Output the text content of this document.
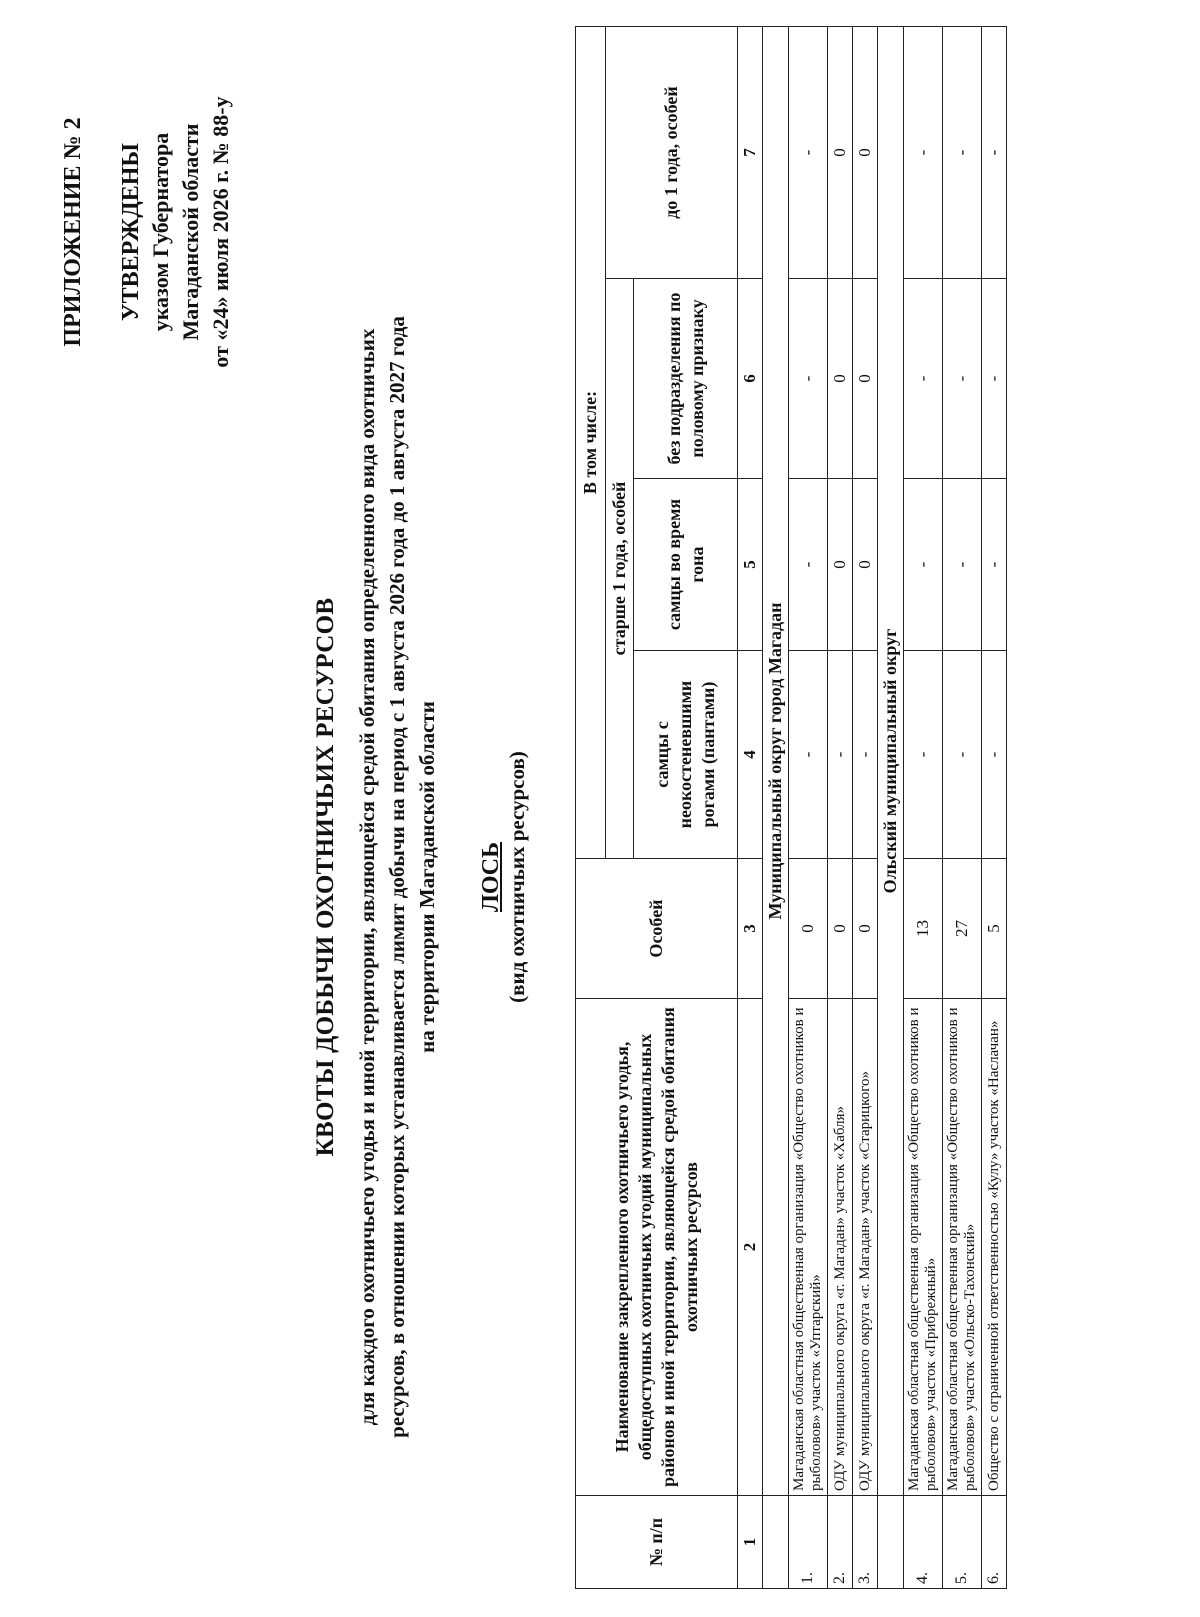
ПРИЛОЖЕНИЕ № 2 УТВЕРЖДЕНЫ указом Губернатора Магаданской области от «24» июля 2026 г. № 88-у
КВОТЫ ДОБЫЧИ ОХОТНИЧЬИХ РЕСУРСОВ для каждого охотничьего угодья и иной территории, являющейся средой обитания определенного вида охотничьих ресурсов, в отношении которых устанавливается лимит добычи на период с 1 августа 2026 года до 1 августа 2027 года на территории Магаданской области ЛОСЬ (вид охотничьих ресурсов)
№ п/п	Наименование закрепленного охотничьего угодья, общедоступных охотничьих угодий муниципальных районов и иной территории, являющейся средой обитания охотничьих ресурсов	Особей	В том числе:			
			старше 1 года, особей			до 1 года, особей
			самцы с неокостеневшими рогами (пантами)	самцы во время гона	без подразделения по половому признаку	
1	2	3	4	5	6	7
	Муниципальный округ город Магадан					
1.	Магаданская областная общественная организация «Общество охотников и рыболовов» участок «Уптарский»	0	-	-	-	-
2.	ОДУ муниципального округа «г. Магадан» участок «Хабля»	0	-	0	0	0
3.	ОДУ муниципального округа «г. Магадан» участок «Старицкого»	0	-	0	0	0
	Ольский муниципальный округ					
4.	Магаданская областная общественная организация «Общество охотников и рыболовов» участок «Прибрежный»	13	-	-	-	-
5.	Магаданская областная общественная организация «Общество охотников и рыболовов» участок «Ольско-Тахонский»	27	-	-	-	-
6.	Общество с ограниченной ответственностью «Кулу» участок «Наслачан»	5	-	-	-	-
